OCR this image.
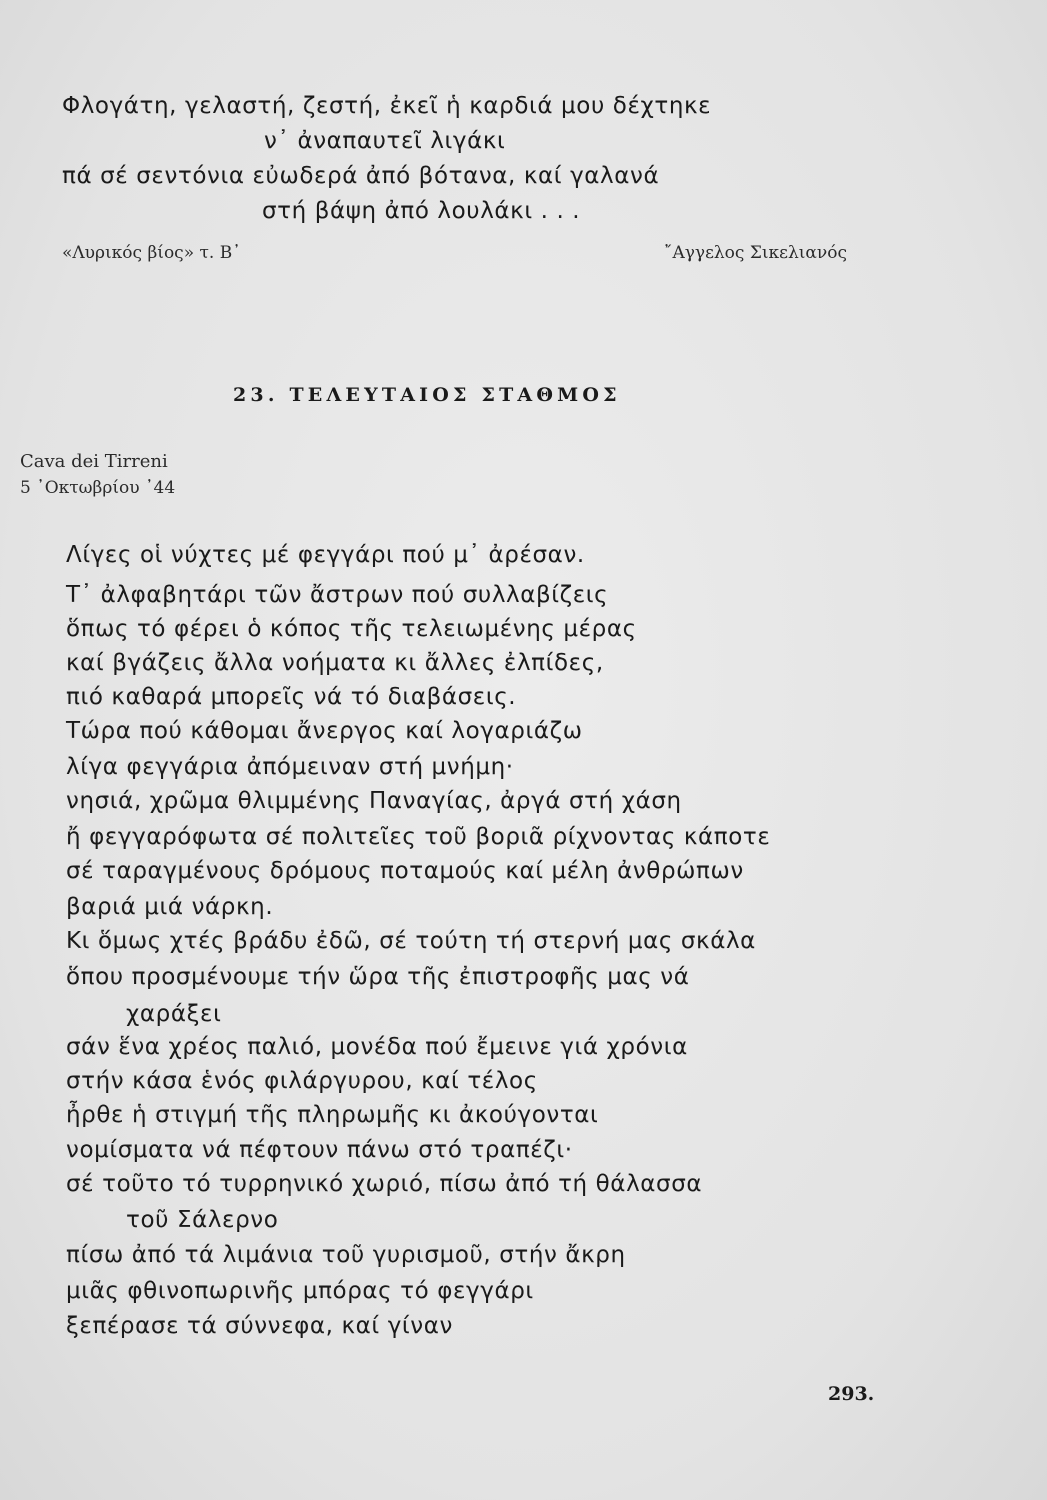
Φλογάτη, γελαστή, ζεστή, ἐκεῖ ἡ καρδιά μου δέχτηκε
ν᾿ ἀναπαυτεῖ λιγάκι
πά σέ σεντόνια εὐωδερά ἀπό βότανα, καί γαλανά
στή βάψη ἀπό λουλάκι . . .
«Λυρικός βίος» τ. Β᾿	῎Αγγελος Σικελιανός
23. ΤΕΛΕΥΤΑΙΟΣ ΣΤΑΘΜΟΣ
Cava dei Tirreni
5 ᾿Οκτωβρίου ᾿44
Λίγες οἱ νύχτες μέ φεγγάρι πού μ᾿ ἀρέσαν.
Τ᾿ ἀλφαβητάρι τῶν ἄστρων πού συλλαβίζεις
ὅπως τό φέρει ὁ κόπος τῆς τελειωμένης μέρας
καί βγάζεις ἄλλα νοήματα κι ἄλλες ἐλπίδες,
πιό καθαρά μπορεῖς νά τό διαβάσεις.
Τώρα πού κάθομαι ἄνεργος καί λογαριάζω
λίγα φεγγάρια ἀπόμειναν στή μνήμη·
νησιά, χρῶμα θλιμμένης Παναγίας, ἀργά στή χάση
ἤ φεγγαρόφωτα σέ πολιτεῖες τοῦ βοριᾶ ρίχνοντας κάποτε
σέ ταραγμένους δρόμους ποταμούς καί μέλη ἀνθρώπων
βαριά μιά νάρκη.
Κι ὅμως χτές βράδυ ἐδῶ, σέ τούτη τή στερνή μας σκάλα
ὅπου προσμένουμε τήν ὥρα τῆς ἐπιστροφῆς μας νά
χαράξει
σάν ἕνα χρέος παλιό, μονέδα πού ἔμεινε γιά χρόνια
στήν κάσα ἑνός φιλάργυρου, καί τέλος
ἦρθε ἡ στιγμή τῆς πληρωμῆς κι ἀκούγονται
νομίσματα νά πέφτουν πάνω στό τραπέζι·
σέ τοῦτο τό τυρρηνικό χωριό, πίσω ἀπό τή θάλασσα
τοῦ Σάλερνο
πίσω ἀπό τά λιμάνια τοῦ γυρισμοῦ, στήν ἄκρη
μιᾶς φθινοπωρινῆς μπόρας τό φεγγάρι
ξεπέρασε τά σύννεφα, καί γίναν
293.
